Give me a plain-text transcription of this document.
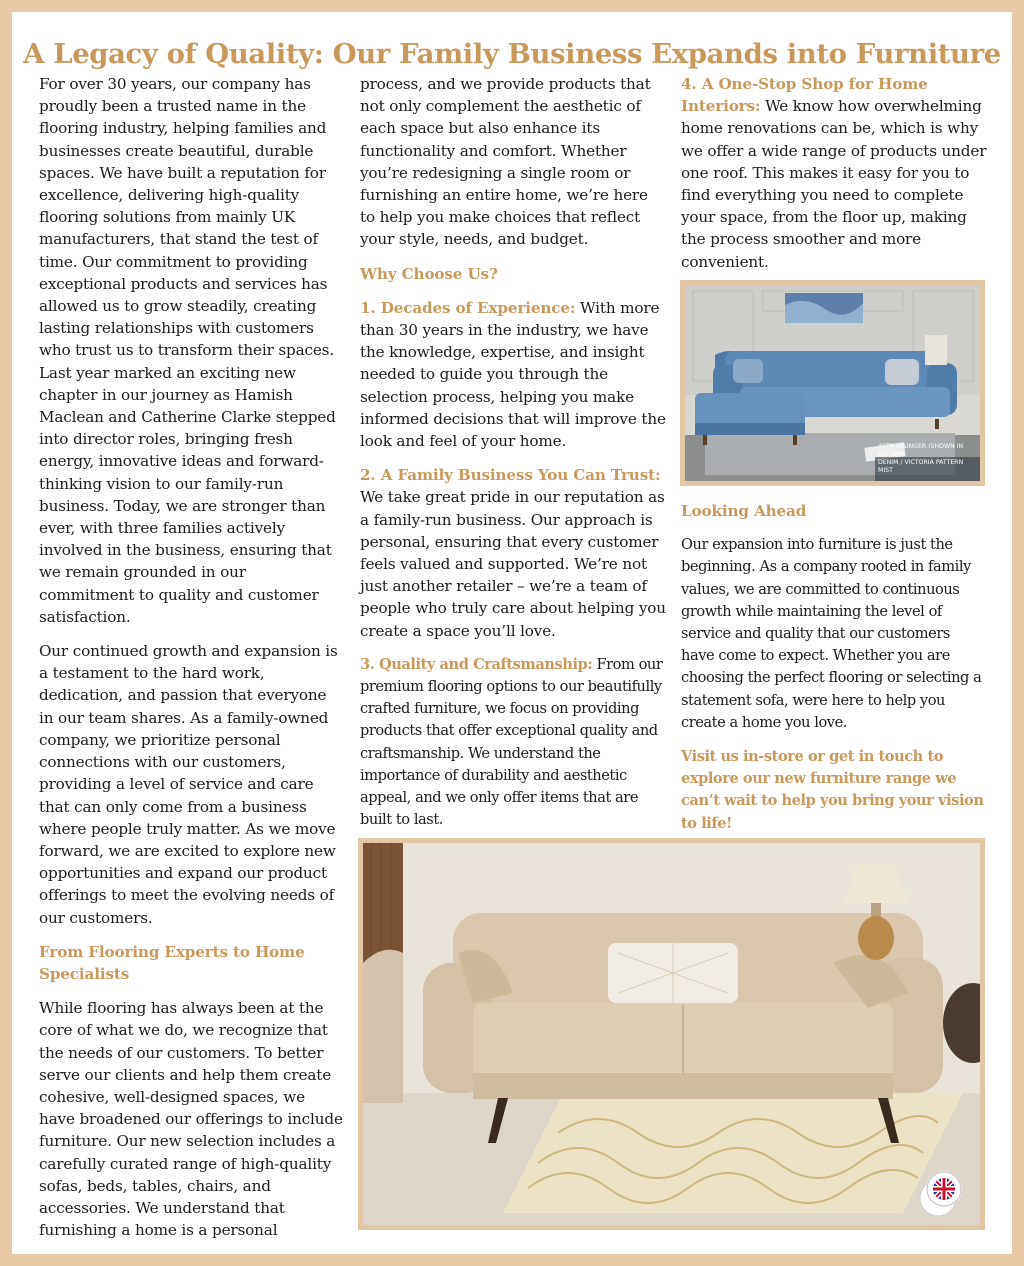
A Legacy of Quality: Our Family Business Expands into Furniture

For over 30 years, our company has proudly been a trusted name in the flooring industry, helping families and businesses create beautiful, durable spaces. We have built a reputation for excellence, delivering high-quality flooring solutions from mainly UK manufacturers, that stand the test of time. Our commitment to providing exceptional products and services has allowed us to grow steadily, creating lasting relationships with customers who trust us to transform their spaces. Last year marked an exciting new chapter in our journey as Hamish Maclean and Catherine Clarke stepped into director roles, bringing fresh energy, innovative ideas and forward-thinking vision to our family-run business. Today, we are stronger than ever, with three families actively involved in the business, ensuring that we remain grounded in our commitment to quality and customer satisfaction.

Our continued growth and expansion is a testament to the hard work, dedication, and passion that everyone in our team shares. As a family-owned company, we prioritize personal connections with our customers, providing a level of service and care that can only come from a business where people truly matter. As we move forward, we are excited to explore new opportunities and expand our product offerings to meet the evolving needs of our customers.

From Flooring Experts to Home Specialists

While flooring has always been at the core of what we do, we recognize that the needs of our customers. To better serve our clients and help them create cohesive, well-designed spaces, we have broadened our offerings to include furniture. Our new selection includes a carefully curated range of high-quality sofas, beds, tables, chairs, and accessories. We understand that furnishing a home is a personal

process, and we provide products that not only complement the aesthetic of each space but also enhance its functionality and comfort. Whether you’re redesigning a single room or furnishing an entire home, we’re here to help you make choices that reflect your style, needs, and budget.

Why Choose Us?

1. Decades of Experience: With more than 30 years in the industry, we have the knowledge, expertise, and insight needed to guide you through the selection process, helping you make informed decisions that will improve the look and feel of your home.

2. A Family Business You Can Trust: We take great pride in our reputation as a family-run business. Our approach is personal, ensuring that every customer feels valued and supported. We’re not just another retailer – we’re a team of people who truly care about helping you create a space you’ll love.

3. Quality and Craftsmanship: From our premium flooring options to our beautifully crafted furniture, we focus on providing products that offer exceptional quality and craftsmanship. We understand the importance of durability and aesthetic appeal, and we only offer items that are built to last.

4. A One-Stop Shop for Home Interiors: We know how overwhelming home renovations can be, which is why we offer a wide range of products under one roof. This makes it easy for you to find everything you need to complete your space, from the floor up, making the process smoother and more convenient.

Looking Ahead

Our expansion into furniture is just the beginning. As a company rooted in family values, we are committed to continuous growth while maintaining the level of service and quality that our customers have come to expect. Whether you are choosing the perfect flooring or selecting a statement sofa, were here to help you create a home you love.

Visit us in-store or get in touch to explore our new furniture range we can’t wait to help you bring your vision to life!

4STR LOUNGER (SHOWN IN REFORM
DENIM / VICTORIA PATTERN MIST
